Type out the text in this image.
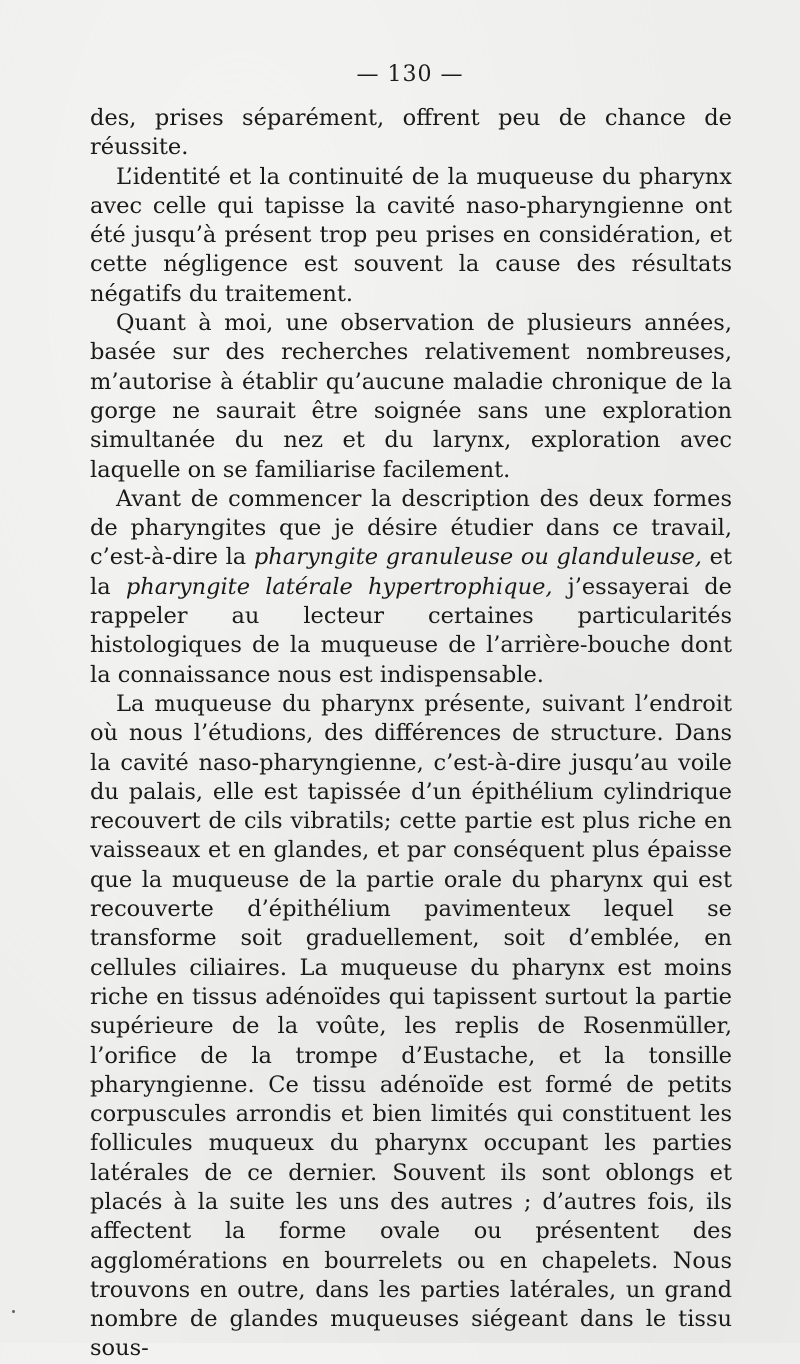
— 130 —

des, prises séparément, offrent peu de chance de réussite.

L’identité et la continuité de la muqueuse du pharynx avec celle qui tapisse la cavité naso-pharyngienne ont été jusqu’à présent trop peu prises en considération, et cette négligence est souvent la cause des résultats négatifs du traitement.

Quant à moi, une observation de plusieurs années, basée sur des recherches relativement nombreuses, m’autorise à établir qu’aucune maladie chronique de la gorge ne saurait être soignée sans une exploration simultanée du nez et du larynx, exploration avec laquelle on se familiarise facilement.

Avant de commencer la description des deux formes de pharyngites que je désire étudier dans ce travail, c’est-à-dire la pharyngite granuleuse ou glanduleuse, et la pharyngite latérale hypertrophique, j’essayerai de rappeler au lecteur certaines particularités histologiques de la muqueuse de l’arrière-bouche dont la connaissance nous est indispensable.

La muqueuse du pharynx présente, suivant l’endroit où nous l’étudions, des différences de structure. Dans la cavité naso-pharyngienne, c’est-à-dire jusqu’au voile du palais, elle est tapissée d’un épithélium cylindrique recouvert de cils vibratils; cette partie est plus riche en vaisseaux et en glandes, et par conséquent plus épaisse que la muqueuse de la partie orale du pharynx qui est recouverte d’épithélium pavimenteux lequel se transforme soit graduellement, soit d’emblée, en cellules ciliaires. La muqueuse du pharynx est moins riche en tissus adénoïdes qui tapissent surtout la partie supérieure de la voûte, les replis de Rosenmüller, l’orifice de la trompe d’Eustache, et la tonsille pharyngienne. Ce tissu adénoïde est formé de petits corpuscules arrondis et bien limités qui constituent les follicules muqueux du pharynx occupant les parties latérales de ce dernier. Souvent ils sont oblongs et placés à la suite les uns des autres ; d’autres fois, ils affectent la forme ovale ou présentent des agglomérations en bourrelets ou en chapelets. Nous trouvons en outre, dans les parties latérales, un grand nombre de glandes muqueuses siégeant dans le tissu sous-
